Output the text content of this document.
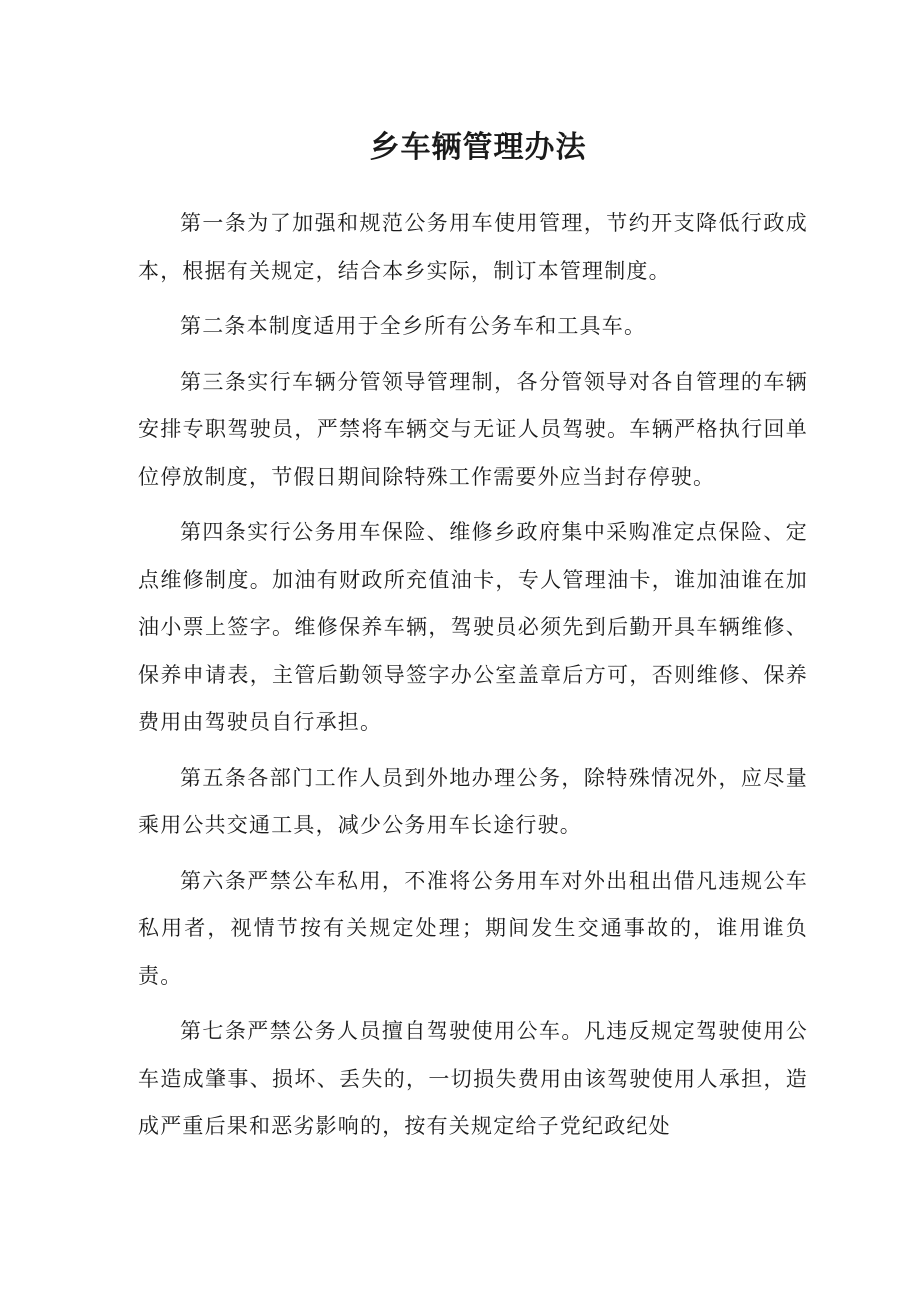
乡车辆管理办法

第一条为了加强和规范公务用车使用管理，节约开支降低行政成本，根据有关规定，结合本乡实际，制订本管理制度。

第二条本制度适用于全乡所有公务车和工具车。

第三条实行车辆分管领导管理制，各分管领导对各自管理的车辆安排专职驾驶员，严禁将车辆交与无证人员驾驶。车辆严格执行回单位停放制度，节假日期间除特殊工作需要外应当封存停驶。

第四条实行公务用车保险、维修乡政府集中采购准定点保险、定点维修制度。加油有财政所充值油卡，专人管理油卡，谁加油谁在加油小票上签字。维修保养车辆，驾驶员必须先到后勤开具车辆维修、保养申请表，主管后勤领导签字办公室盖章后方可，否则维修、保养费用由驾驶员自行承担。

第五条各部门工作人员到外地办理公务，除特殊情况外，应尽量乘用公共交通工具，减少公务用车长途行驶。

第六条严禁公车私用，不准将公务用车对外出租出借凡违规公车私用者，视情节按有关规定处理；期间发生交通事故的，谁用谁负责。

第七条严禁公务人员擅自驾驶使用公车。凡违反规定驾驶使用公车造成肇事、损坏、丢失的，一切损失费用由该驾驶使用人承担，造成严重后果和恶劣影响的，按有关规定给子党纪政纪处
